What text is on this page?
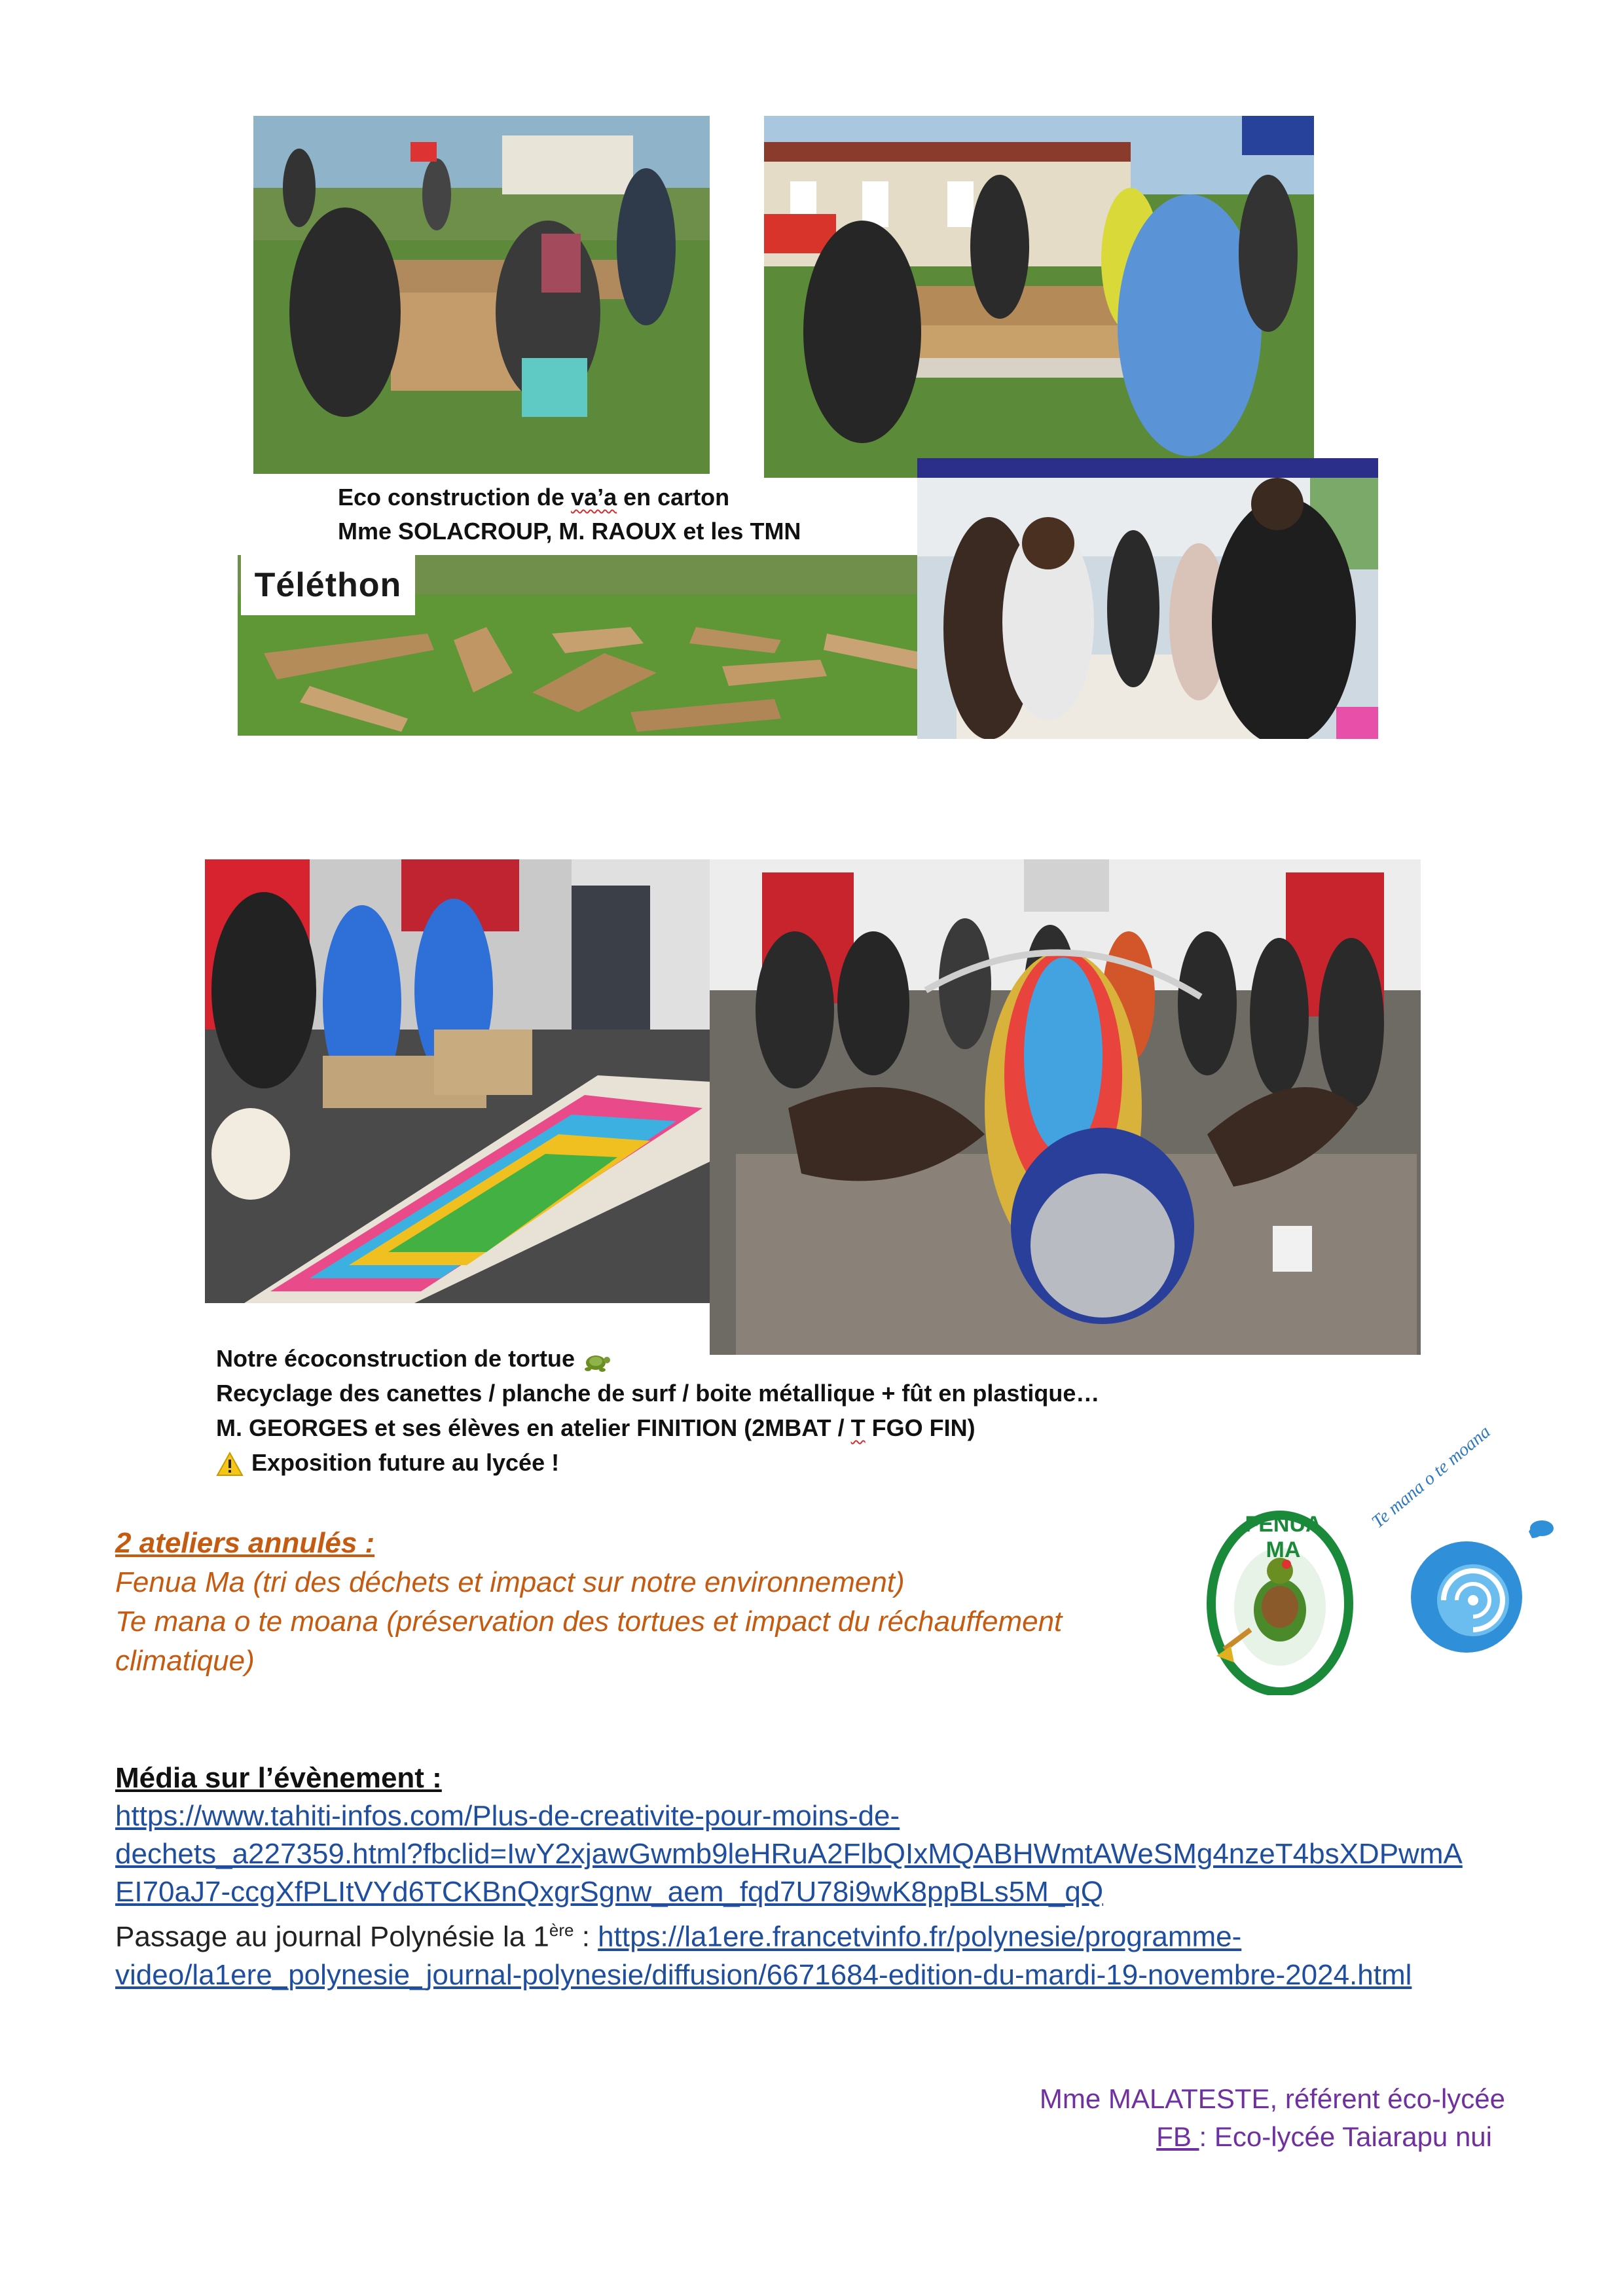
Téléthon
Eco construction de va’a en carton
Mme SOLACROUP, M. RAOUX et les TMN
Notre écoconstruction de tortue
Recyclage des canettes / planche de surf / boite métallique + fût en plastique…
M. GEORGES et ses élèves en atelier FINITION (2MBAT / T FGO FIN)
Exposition future au lycée !
2 ateliers annulés :
Fenua Ma (tri des déchets et impact sur notre environnement)
Te mana o te moana (préservation des tortues et impact du réchauffement
climatique)
FENUA MA
Te mana o te moana
Média sur l’évènement :
https://www.tahiti-infos.com/Plus-de-creativite-pour-moins-de-
dechets_a227359.html?fbclid=IwY2xjawGwmb9leHRuA2FlbQIxMQABHWmtAWeSMg4nzeT4bsXDPwmA
EI70aJ7-ccgXfPLItVYd6TCKBnQxgrSgnw_aem_fqd7U78i9wK8ppBLs5M_qQ
Passage au journal Polynésie la 1ère : https://la1ere.francetvinfo.fr/polynesie/programme-
video/la1ere_polynesie_journal-polynesie/diffusion/6671684-edition-du-mardi-19-novembre-2024.html
Mme MALATESTE, référent éco-lycée
FB : Eco-lycée Taiarapu nui
